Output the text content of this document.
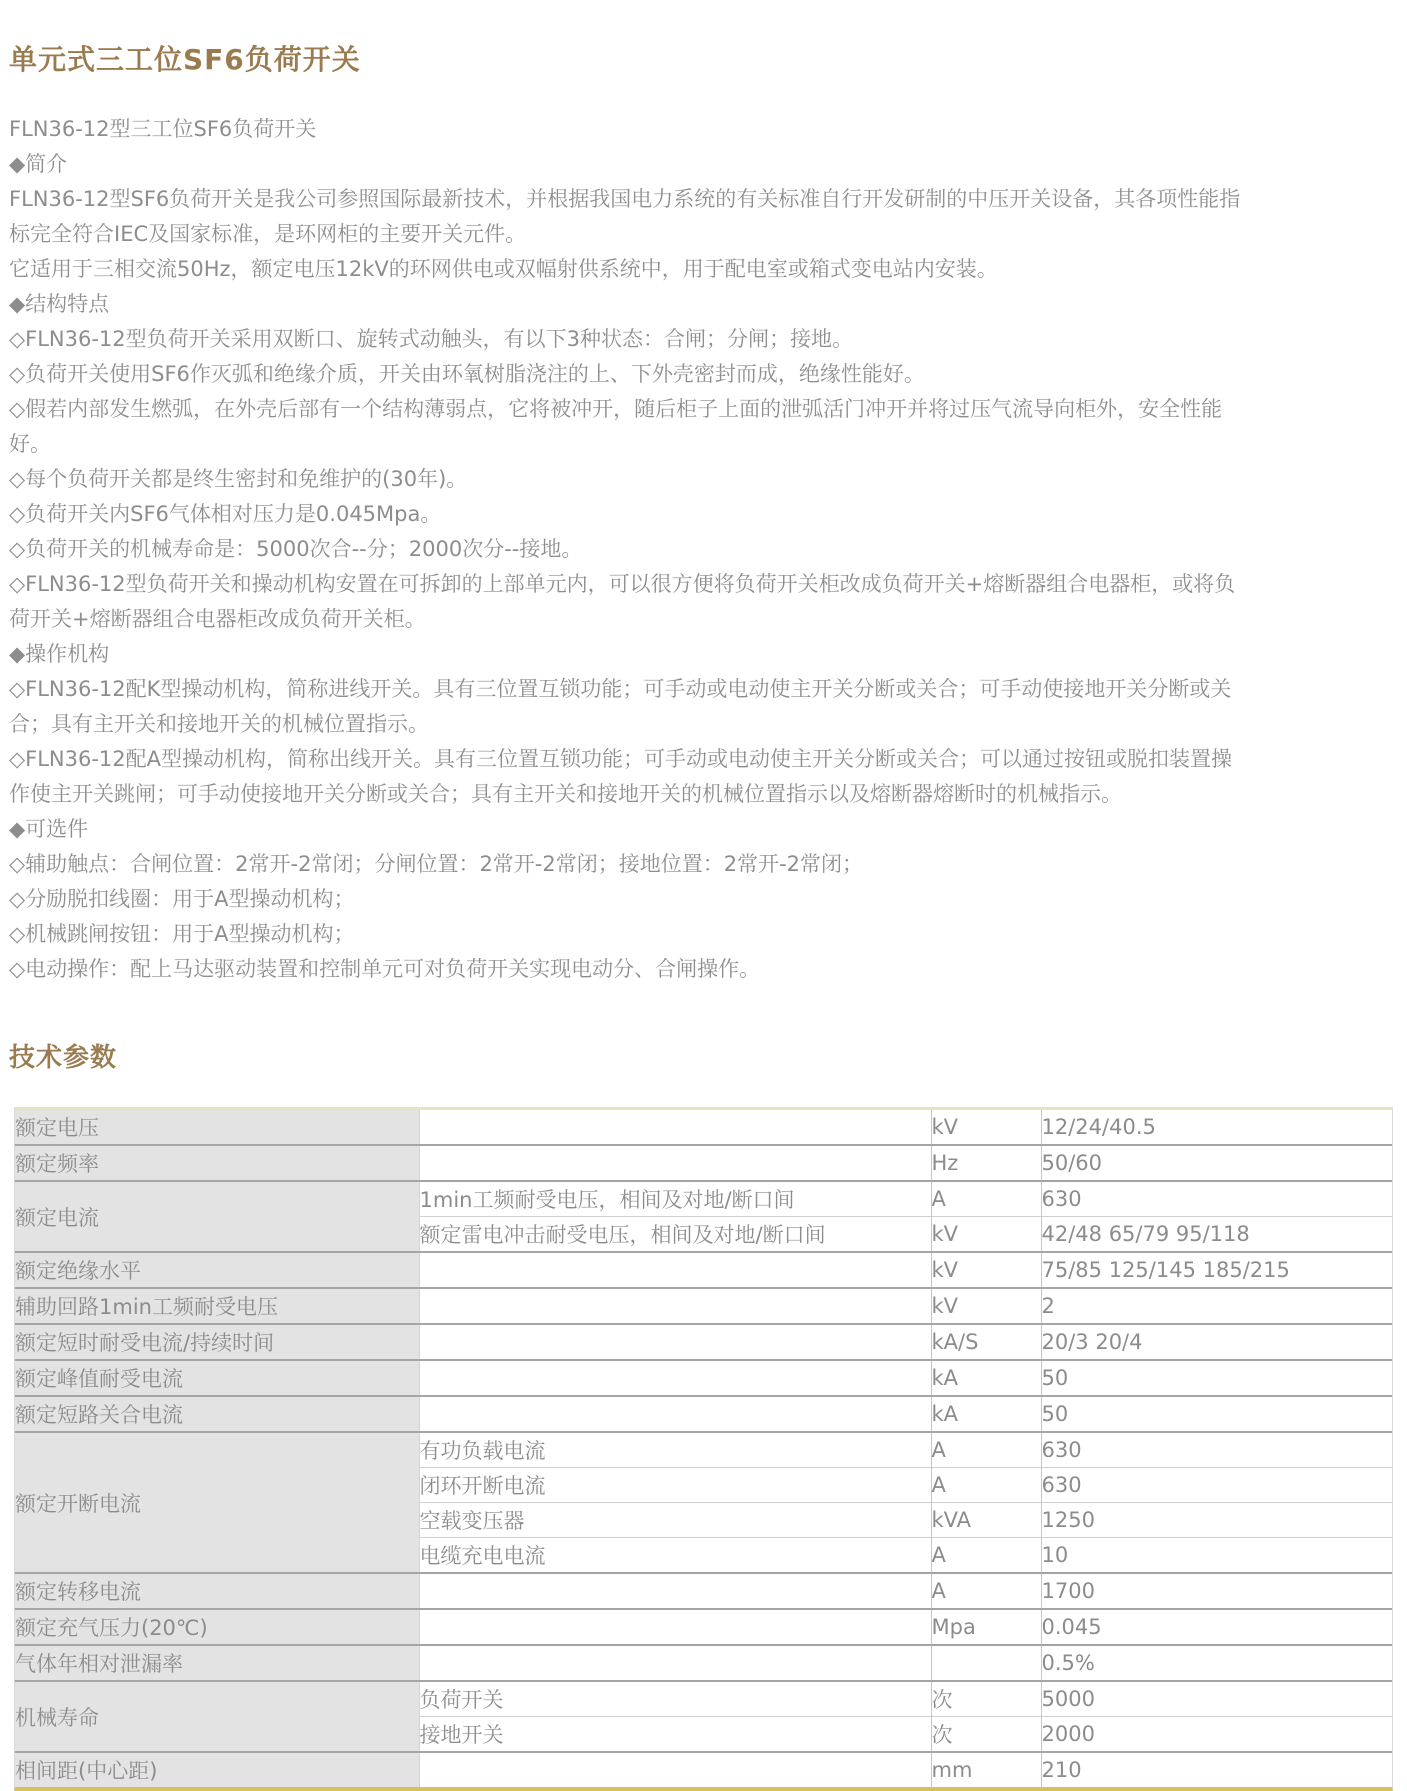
单元式三工位SF6负荷开关

FLN36-12型三工位SF6负荷开关

◆简介

FLN36-12型SF6负荷开关是我公司参照国际最新技术，并根据我国电力系统的有关标准自行开发研制的中压开关设备，其各项性能指标完全符合IEC及国家标准，是环网柜的主要开关元件。

它适用于三相交流50Hz，额定电压12kV的环网供电或双幅射供系统中，用于配电室或箱式变电站内安装。

◆结构特点

◇FLN36-12型负荷开关采用双断口、旋转式动触头，有以下3种状态：合闸；分闸；接地。

◇负荷开关使用SF6作灭弧和绝缘介质，开关由环氧树脂浇注的上、下外壳密封而成，绝缘性能好。

◇假若内部发生燃弧，在外壳后部有一个结构薄弱点，它将被冲开，随后柜子上面的泄弧活门冲开并将过压气流导向柜外，安全性能好。

◇每个负荷开关都是终生密封和免维护的(30年)。

◇负荷开关内SF6气体相对压力是0.045Mpa。

◇负荷开关的机械寿命是：5000次合--分；2000次分--接地。

◇FLN36-12型负荷开关和操动机构安置在可拆卸的上部单元内，可以很方便将负荷开关柜改成负荷开关+熔断器组合电器柜，或将负荷开关+熔断器组合电器柜改成负荷开关柜。

◆操作机构

◇FLN36-12配K型操动机构，简称进线开关。具有三位置互锁功能；可手动或电动使主开关分断或关合；可手动使接地开关分断或关合；具有主开关和接地开关的机械位置指示。

◇FLN36-12配A型操动机构，简称出线开关。具有三位置互锁功能；可手动或电动使主开关分断或关合；可以通过按钮或脱扣装置操作使主开关跳闸；可手动使接地开关分断或关合；具有主开关和接地开关的机械位置指示以及熔断器熔断时的机械指示。

◆可选件

◇辅助触点：合闸位置：2常开-2常闭；分闸位置：2常开-2常闭；接地位置：2常开-2常闭；

◇分励脱扣线圈：用于A型操动机构；

◇机械跳闸按钮：用于A型操动机构；

◇电动操作：配上马达驱动装置和控制单元可对负荷开关实现电动分、合闸操作。

技术参数
额定电压		kV	12/24/40.5
额定频率		Hz	50/60
额定电流	1min工频耐受电压，相间及对地/断口间	A	630
	额定雷电冲击耐受电压，相间及对地/断口间	kV	42/48 65/79 95/118
额定绝缘水平		kV	75/85 125/145 185/215
辅助回路1min工频耐受电压		kV	2
额定短时耐受电流/持续时间		kA/S	20/3 20/4
额定峰值耐受电流		kA	50
额定短路关合电流		kA	50
额定开断电流	有功负载电流	A	630
	闭环开断电流	A	630
	空载变压器	kVA	1250
	电缆充电电流	A	10
额定转移电流		A	1700
额定充气压力(20℃)		Mpa	0.045
气体年相对泄漏率			0.5%
机械寿命	负荷开关	次	5000
	接地开关	次	2000
相间距(中心距)		mm	210
